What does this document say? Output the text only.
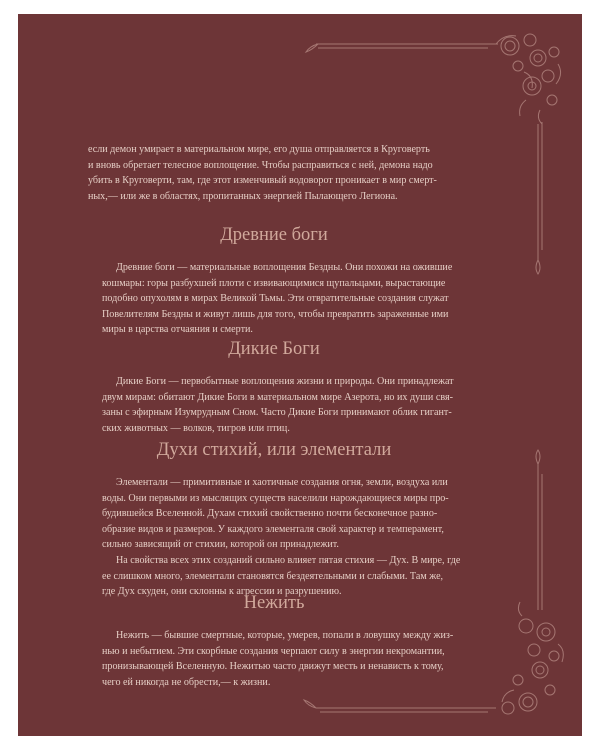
если демон умирает в материальном мире, его душа отправляется в Круговерть
и вновь обретает телесное воплощение. Чтобы расправиться с ней, демона надо
убить в Круговерти, там, где этот изменчивый водоворот проникает в мир смерт-
ных,— или же в областях, пропитанных энергией Пылающего Легиона.

Древние боги

Древние боги — материальные воплощения Бездны. Они похожи на ожившие
кошмары: горы разбухшей плоти с извивающимися щупальцами, вырастающие
подобно опухолям в мирах Великой Тьмы. Эти отвратительные создания служат
Повелителям Бездны и живут лишь для того, чтобы превратить зараженные ими
миры в царства отчаяния и смерти.

Дикие Боги

Дикие Боги — первобытные воплощения жизни и природы. Они принадлежат
двум мирам: обитают Дикие Боги в материальном мире Азерота, но их души свя-
заны с эфирным Изумрудным Сном. Часто Дикие Боги принимают облик гигант-
ских животных — волков, тигров или птиц.

Духи стихий, или элементали

Элементали — примитивные и хаотичные создания огня, земли, воздуха или
воды. Они первыми из мыслящих существ населили нарождающиеся миры про-
будившейся Вселенной. Духам стихий свойственно почти бесконечное разно-
образие видов и размеров. У каждого элементаля свой характер и темперамент,
сильно зависящий от стихии, которой он принадлежит.

На свойства всех этих созданий сильно влияет пятая стихия — Дух. В мире, где
ее слишком много, элементали становятся бездеятельными и слабыми. Там же,
где Дух скуден, они склонны к агрессии и разрушению.

Нежить

Нежить — бывшие смертные, которые, умерев, попали в ловушку между жиз-
нью и небытием. Эти скорбные создания черпают силу в энергии некромантии,
пронизывающей Вселенную. Нежитью часто движут месть и ненависть к тому,
чего ей никогда не обрести,— к жизни.
